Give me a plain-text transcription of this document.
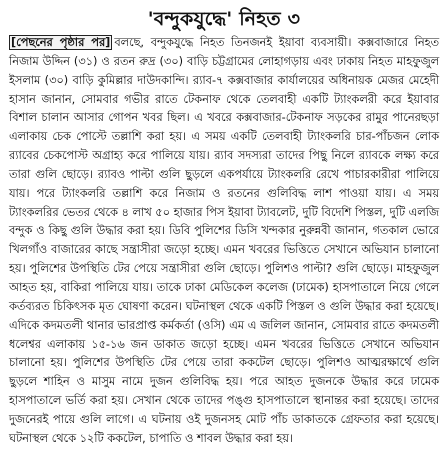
'বন্দুকযুদ্ধে' নিহত ৩
[পেছনের পৃষ্ঠার পর] বলছে, বন্দুকযুদ্ধে নিহত তিনজনই ইয়াবা ব্যবসায়ী। কক্সবাজারে নিহত নিজাম উদ্দিন (৩১) ও রতন রুদ্র (৩০) বাড়ি চট্টগ্রামের লোহাগড়ায় এবং ঢাকায় নিহত মাহফুজুল ইসলাম (৩০) বাড়ি কুমিল্লার দাউদকান্দি। র‍্যাব-৭ কক্সবাজার কার্যালয়ের অধিনায়ক মেজর মেহেদী হাসান জানান, সোমবার গভীর রাতে টেকনাফ থেকে তেলবাহী একটি ট্যাংকলরী করে ইয়াবার বিশাল চালান আসার গোপন খবর ছিল। এ খবরে কক্সবাজার-টেকনাফ সড়কের রামুর পানেরছড়া এলাকায় চেক পোস্টে তল্লাশি করা হয়। এ সময় একটি তেলবাহী ট্যাংকলরি চার-পাঁচজন লোক র‍্যাবের চেকপোস্ট অগ্রাহ্য করে পালিয়ে যায়। র‍্যাব সদস্যরা তাদের পিছু নিলে র‍্যাবকে লক্ষ্য করে তারা গুলি ছোড়ে। র‍্যাবও পাল্টা গুলি ছুড়লে একপর্যায়ে ট্যাংকলরি রেখে পাচারকারীরা পালিয়ে যায়। পরে ট্যাংকলরি তল্লাশি করে নিজাম ও রতনের গুলিবিদ্ধ লাশ পাওয়া যায়। এ সময় ট্যাংকলরির ভেতর থেকে ৪ লাখ ৫০ হাজার পিস ইয়াবা ট্যাবলেট, দুটি বিদেশি পিস্তল, দুটি এলজি বন্দুক ও কিছু গুলি উদ্ধার করা হয়। ডিবি পুলিশের ডিসি খন্দকার নুরুন্নবী জানান, গতকাল ভোরে খিলগাঁও বাজারের কাছে সন্ত্রাসীরা জড়ো হচ্ছে। এমন খবরের ভিত্তিতে সেখানে অভিযান চালানো হয়। পুলিশের উপস্থিতি টের পেয়ে সন্ত্রাসীরা গুলি ছোড়ে। পুলিশও পাল্টা? গুলি ছোড়ে। মাহফুজুল আহত হয়, বাকিরা পালিয়ে যায়। তাকে ঢাকা মেডিকেল কলেজ (ঢামেক) হাসপাতালে নিয়ে গেলে কর্তব্যরত চিকিৎসক মৃত ঘোষণা করেন। ঘটনাস্থল থেকে একটি পিস্তল ও গুলি উদ্ধার করা হয়েছে। এদিকে কদমতলী থানার ভারপ্রাপ্ত কর্মকর্তা (ওসি) এম এ জলিল জানান, সোমবার রাতে কদমতলী ধলেশ্বর এলাকায় ১৫-১৬ জন ডাকাত জড়ো হচ্ছে। এমন খবরের ভিত্তিতে সেখানে অভিযান চালানো হয়। পুলিশের উপস্থিতি টের পেয়ে তারা ককটেল ছোড়ে। পুলিশও আত্মরক্ষার্থে গুলি ছুড়লে শাহিন ও মাসুম নামে দুজন গুলিবিদ্ধ হয়। পরে আহত দুজনকে উদ্ধার করে ঢামেক হাসপাতালে ভর্তি করা হয়। সেখান থেকে তাদের পঙ্গু হাসপাতালে স্থানান্তর করা হয়েছে। তাদের দুজনেরই পায়ে গুলি লাগে। এ ঘটনায় ওই দুজনসহ মোট পাঁচ ডাকাতকে গ্রেফতার করা হয়েছে। ঘটনাস্থল থেকে ১২টি ককটেল, চাপাতি ও শাবল উদ্ধার করা হয়।
